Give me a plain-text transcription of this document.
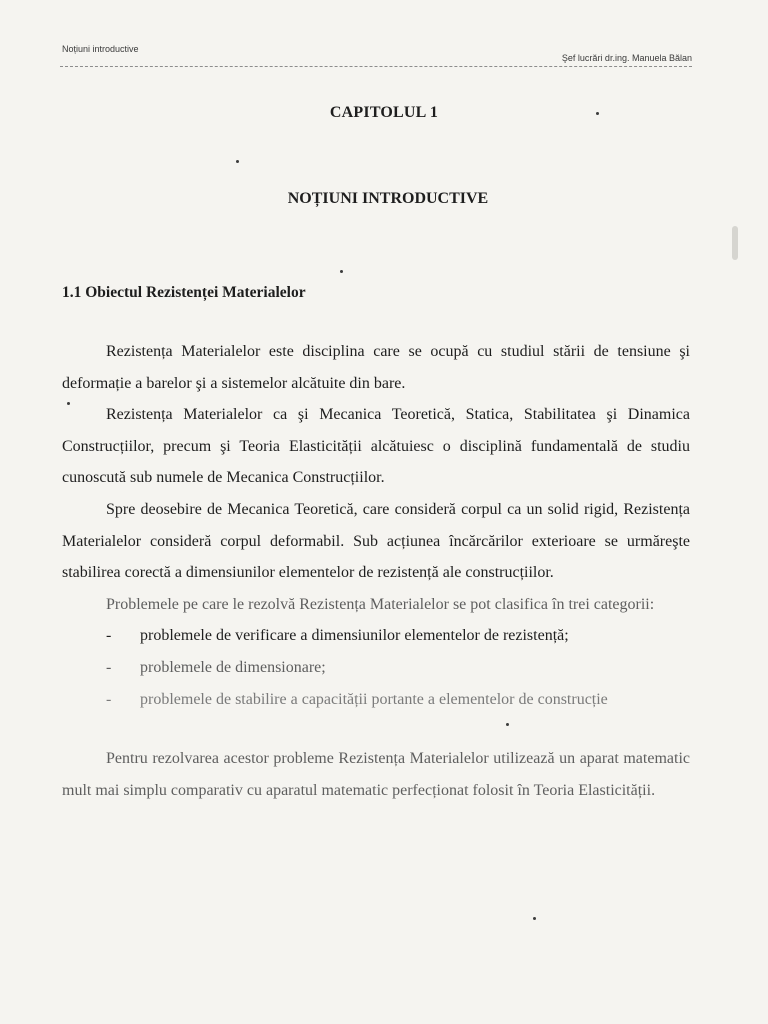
Noțiuni introductive
Şef lucrări dr.ing. Manuela Bălan
CAPITOLUL 1
NOȚIUNI INTRODUCTIVE
1.1 Obiectul Rezistenței Materialelor

Rezistența Materialelor este disciplina care se ocupă cu studiul stării de tensiune şi deformație a barelor şi a sistemelor alcătuite din bare.

Rezistența Materialelor ca şi Mecanica Teoretică, Statica, Stabilitatea şi Dinamica Construcțiilor, precum şi Teoria Elasticității alcătuiesc o disciplină fundamentală de studiu cunoscută sub numele de Mecanica Construcțiilor.

Spre deosebire de Mecanica Teoretică, care consideră corpul ca un solid rigid, Rezistența Materialelor consideră corpul deformabil. Sub acțiunea încărcărilor exterioare se urmăreşte stabilirea corectă a dimensiunilor elementelor de rezistență ale construcțiilor.

Problemele pe care le rezolvă Rezistența Materialelor se pot clasifica în trei categorii:

- problemele de verificare a dimensiunilor elementelor de rezistență;
- problemele de dimensionare;
- problemele de stabilire a capacității portante a elementelor de construcție

Pentru rezolvarea acestor probleme Rezistența Materialelor utilizează un aparat matematic mult mai simplu comparativ cu aparatul matematic perfecționat folosit în Teoria Elasticității.
